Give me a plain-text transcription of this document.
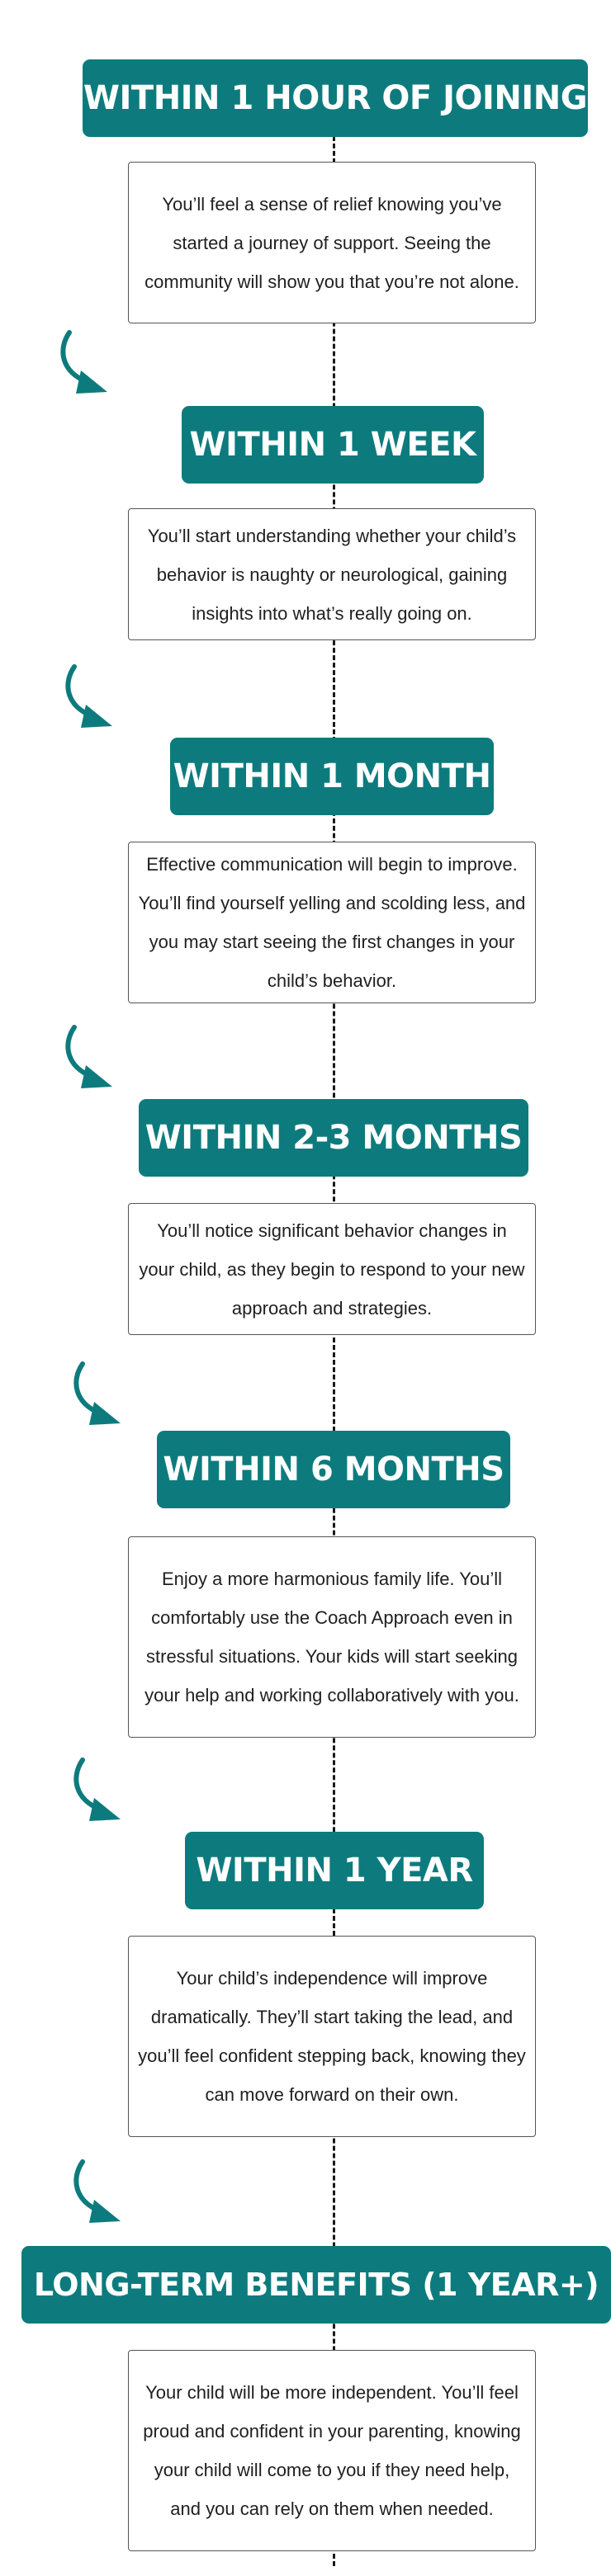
WITHIN 1 HOUR OF JOINING
You’ll feel a sense of relief knowing you’ve started a journey of support. Seeing the community will show you that you’re not alone.
WITHIN 1 WEEK
You’ll start understanding whether your child’s behavior is naughty or neurological, gaining insights into what’s really going on.
WITHIN 1 MONTH
Effective communication will begin to improve. You’ll find yourself yelling and scolding less, and you may start seeing the first changes in your child’s behavior.
WITHIN 2-3 MONTHS
You’ll notice significant behavior changes in your child, as they begin to respond to your new approach and strategies.
WITHIN 6 MONTHS
Enjoy a more harmonious family life. You’ll comfortably use the Coach Approach even in stressful situations. Your kids will start seeking your help and working collaboratively with you.
WITHIN 1 YEAR
Your child’s independence will improve dramatically. They’ll start taking the lead, and you’ll feel confident stepping back, knowing they can move forward on their own.
LONG-TERM BENEFITS (1 YEAR+)
Your child will be more independent. You’ll feel proud and confident in your parenting, knowing your child will come to you if they need help, and you can rely on them when needed.
